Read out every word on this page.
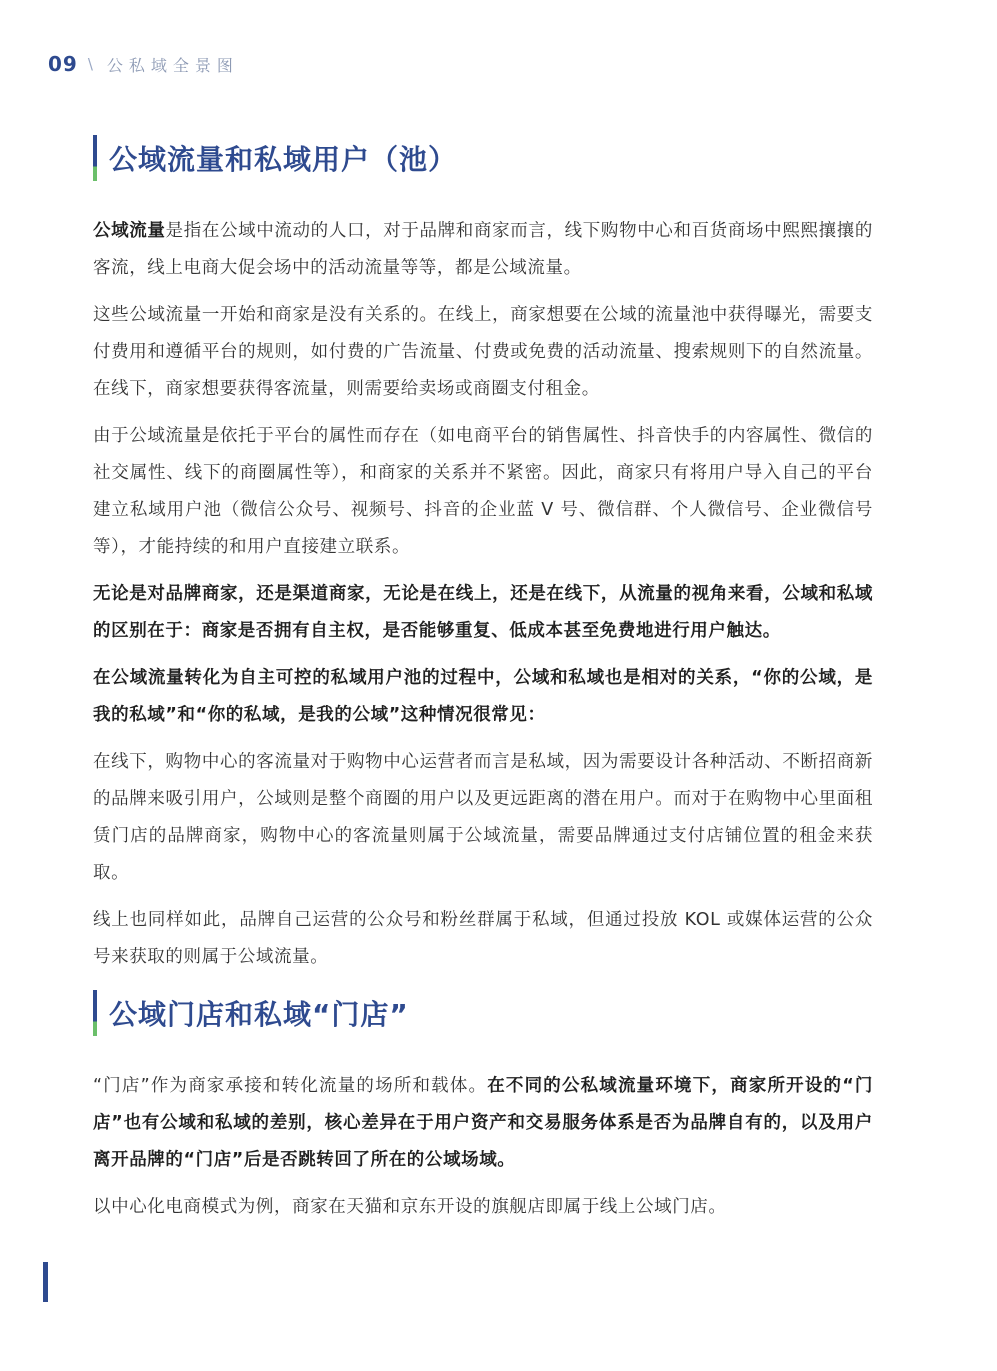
09 \ 公私域全景图
公域流量和私域用户（池）

公域流量是指在公域中流动的人口，对于品牌和商家而言，线下购物中心和百货商场中熙熙攘攘的客流，线上电商大促会场中的活动流量等等，都是公域流量。

这些公域流量一开始和商家是没有关系的。在线上，商家想要在公域的流量池中获得曝光，需要支付费用和遵循平台的规则，如付费的广告流量、付费或免费的活动流量、搜索规则下的自然流量。在线下，商家想要获得客流量，则需要给卖场或商圈支付租金。

由于公域流量是依托于平台的属性而存在（如电商平台的销售属性、抖音快手的内容属性、微信的社交属性、线下的商圈属性等），和商家的关系并不紧密。因此，商家只有将用户导入自己的平台建立私域用户池（微信公众号、视频号、抖音的企业蓝 V 号、微信群、个人微信号、企业微信号等），才能持续的和用户直接建立联系。

无论是对品牌商家，还是渠道商家，无论是在线上，还是在线下，从流量的视角来看，公域和私域的区别在于：商家是否拥有自主权，是否能够重复、低成本甚至免费地进行用户触达。

在公域流量转化为自主可控的私域用户池的过程中，公域和私域也是相对的关系，“你的公域，是我的私域”和“你的私域，是我的公域”这种情况很常见：

在线下，购物中心的客流量对于购物中心运营者而言是私域，因为需要设计各种活动、不断招商新的品牌来吸引用户，公域则是整个商圈的用户以及更远距离的潜在用户。而对于在购物中心里面租赁门店的品牌商家，购物中心的客流量则属于公域流量，需要品牌通过支付店铺位置的租金来获取。

线上也同样如此，品牌自己运营的公众号和粉丝群属于私域，但通过投放 KOL 或媒体运营的公众号来获取的则属于公域流量。

公域门店和私域“门店”

“门店”作为商家承接和转化流量的场所和载体。在不同的公私域流量环境下，商家所开设的“门店”也有公域和私域的差别，核心差异在于用户资产和交易服务体系是否为品牌自有的，以及用户离开品牌的“门店”后是否跳转回了所在的公域场域。

以中心化电商模式为例，商家在天猫和京东开设的旗舰店即属于线上公域门店。
